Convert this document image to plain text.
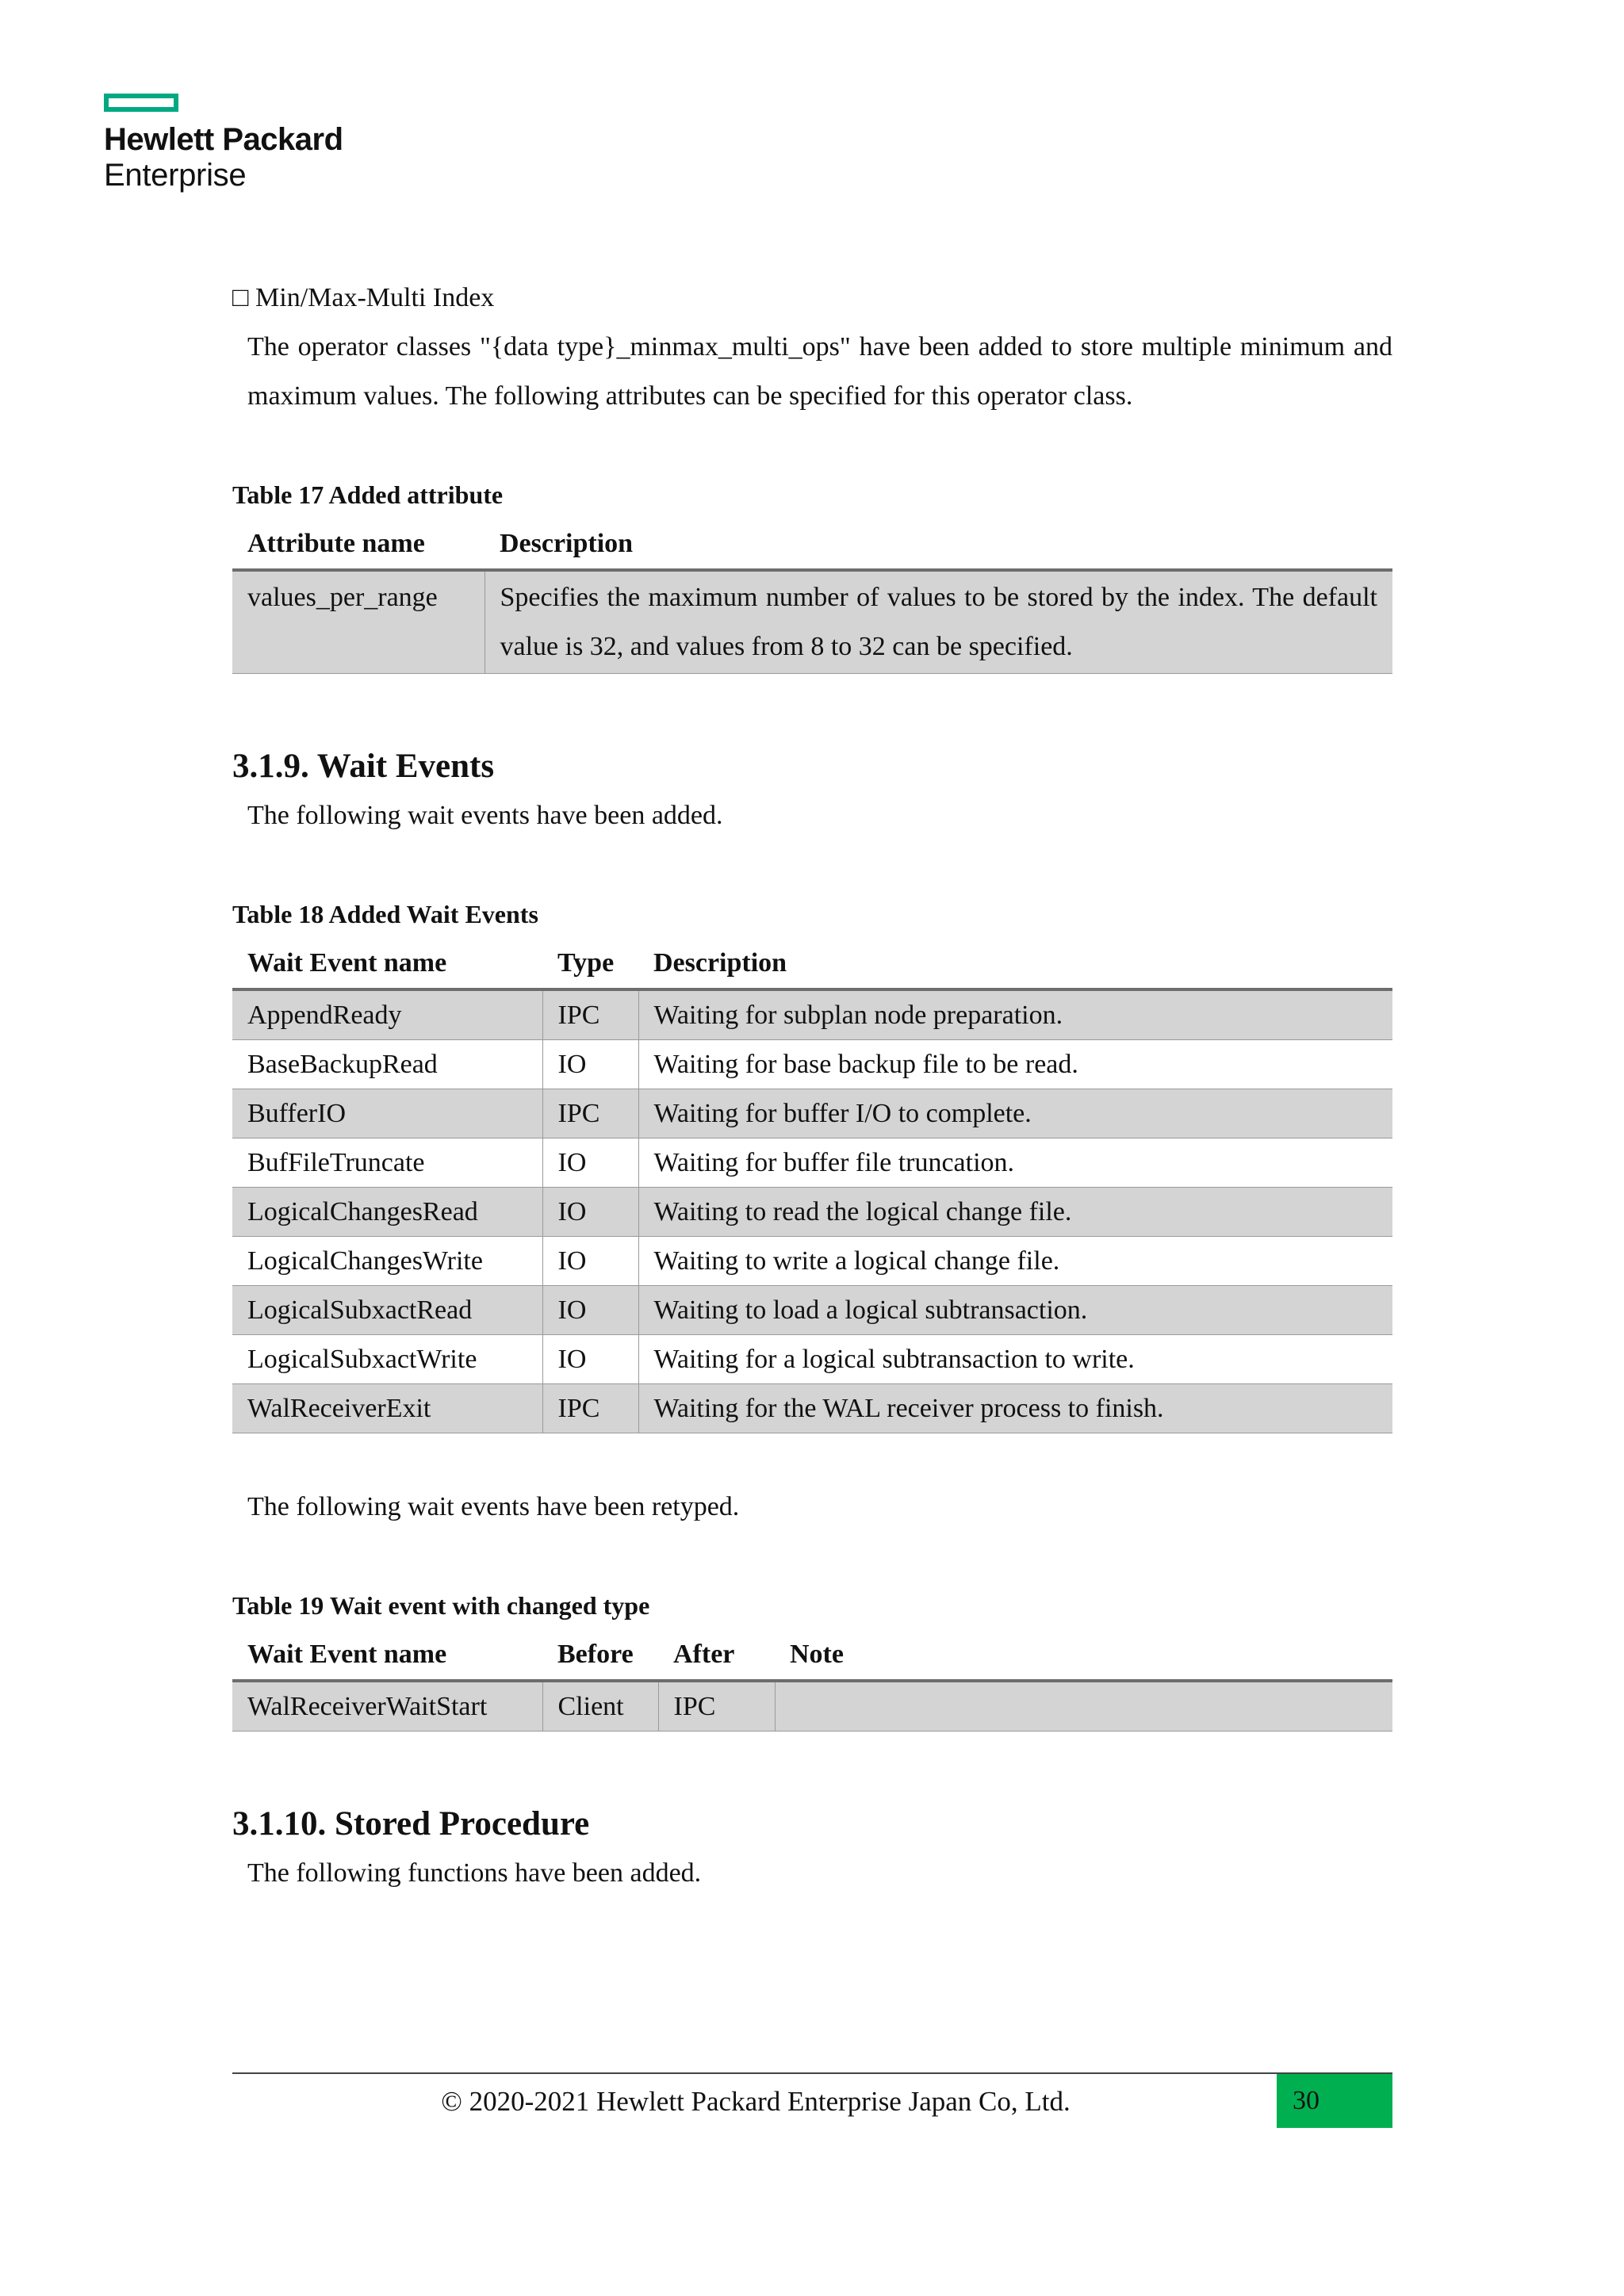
Hewlett Packard
Enterprise
□ Min/Max-Multi Index
The operator classes "{data type}_minmax_multi_ops" have been added to store multiple minimum and maximum values. The following attributes can be specified for this operator class.
Table 17 Added attribute
Attribute name	Description
values_per_range	Specifies the maximum number of values to be stored by the index. The default value is 32, and values from 8 to 32 can be specified.
3.1.9. Wait Events
The following wait events have been added.
Table 18 Added Wait Events
Wait Event name	Type	Description
AppendReady	IPC	Waiting for subplan node preparation.
BaseBackupRead	IO	Waiting for base backup file to be read.
BufferIO	IPC	Waiting for buffer I/O to complete.
BufFileTruncate	IO	Waiting for buffer file truncation.
LogicalChangesRead	IO	Waiting to read the logical change file.
LogicalChangesWrite	IO	Waiting to write a logical change file.
LogicalSubxactRead	IO	Waiting to load a logical subtransaction.
LogicalSubxactWrite	IO	Waiting for a logical subtransaction to write.
WalReceiverExit	IPC	Waiting for the WAL receiver process to finish.
The following wait events have been retyped.
Table 19 Wait event with changed type
Wait Event name	Before	After	Note
WalReceiverWaitStart	Client	IPC	
3.1.10. Stored Procedure
The following functions have been added.
© 2020-2021 Hewlett Packard Enterprise Japan Co, Ltd.	30
